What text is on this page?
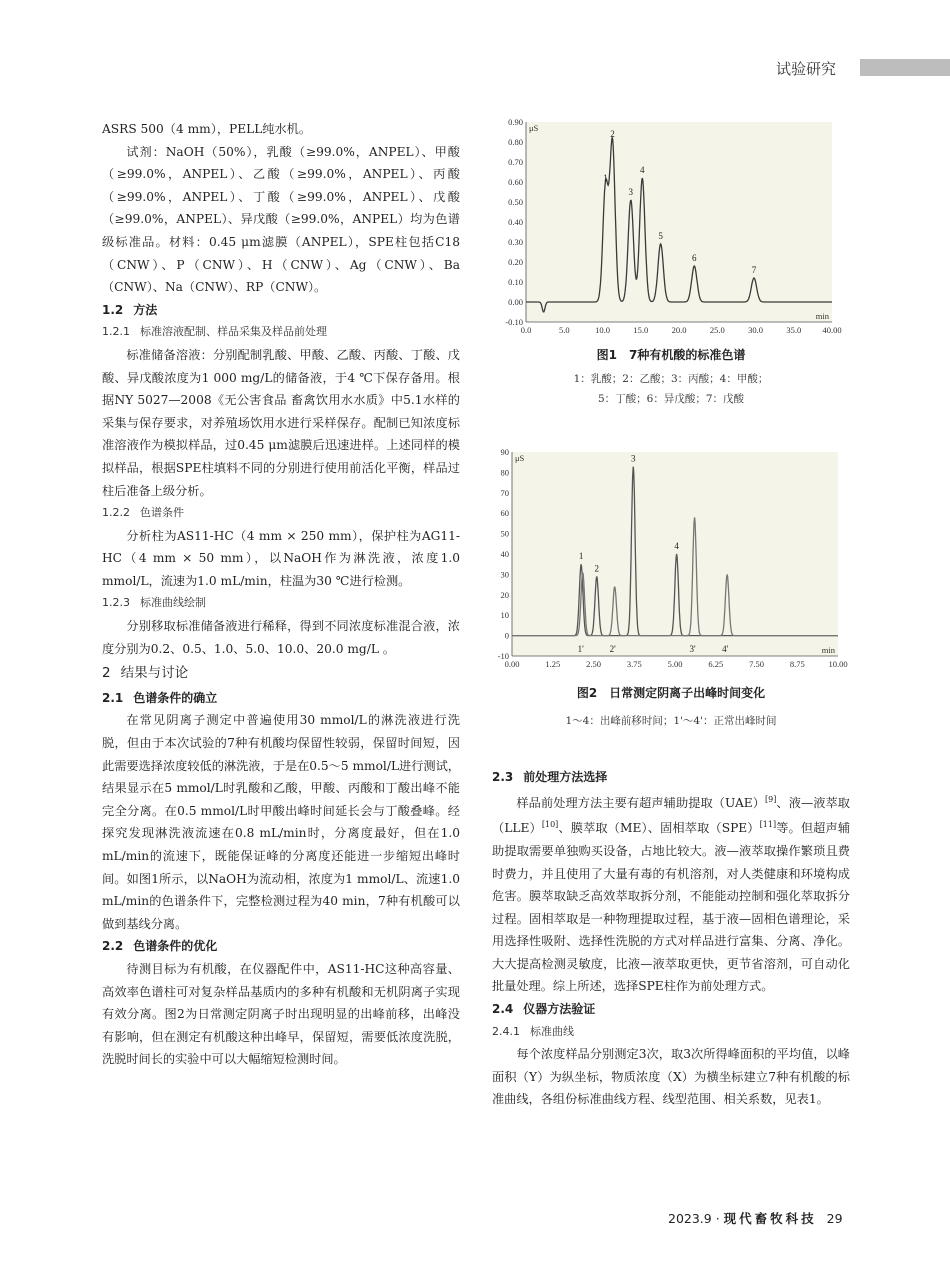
试验研究

ASRS 500（4 mm），PELL纯水机。

试剂：NaOH（50%），乳酸（≥99.0%，ANPEL）、甲酸（≥99.0%，ANPEL）、乙酸（≥99.0%，ANPEL）、丙酸（≥99.0%，ANPEL）、丁酸（≥99.0%，ANPEL）、戊酸（≥99.0%，ANPEL）、异戊酸（≥99.0%，ANPEL）均为色谱级标准品。材料：0.45 μm滤膜（ANPEL），SPE柱包括C18（CNW）、P（CNW）、H（CNW）、Ag（CNW）、Ba（CNW）、Na（CNW）、RP（CNW）。

1.2 方法
1.2.1 标准溶液配制、样品采集及样品前处理

标准储备溶液：分别配制乳酸、甲酸、乙酸、丙酸、丁酸、戊酸、异戊酸浓度为1 000 mg/L的储备液，于4 ℃下保存备用。根据NY 5027—2008《无公害食品 畜禽饮用水水质》中5.1水样的采集与保存要求，对养殖场饮用水进行采样保存。配制已知浓度标准溶液作为模拟样品，过0.45 μm滤膜后迅速进样。上述同样的模拟样品，根据SPE柱填料不同的分别进行使用前活化平衡，样品过柱后准备上级分析。

1.2.2 色谱条件

分析柱为AS11-HC（4 mm × 250 mm），保护柱为AG11-HC（4 mm × 50 mm），以NaOH作为淋洗液，浓度1.0 mmol/L，流速为1.0 mL/min，柱温为30 ℃进行检测。

1.2.3 标准曲线绘制

分别移取标准储备液进行稀释，得到不同浓度标准混合液，浓度分别为0.2、0.5、1.0、5.0、10.0、20.0 mg/L 。

2 结果与讨论
2.1 色谱条件的确立

在常见阴离子测定中普遍使用30 mmol/L的淋洗液进行洗脱，但由于本次试验的7种有机酸均保留性较弱，保留时间短，因此需要选择浓度较低的淋洗液，于是在0.5～5 mmol/L进行测试，结果显示在5 mmol/L时乳酸和乙酸，甲酸、丙酸和丁酸出峰不能完全分离。在0.5 mmol/L时甲酸出峰时间延长会与丁酸叠峰。经探究发现淋洗液流速在0.8 mL/min时，分离度最好，但在1.0 mL/min的流速下，既能保证峰的分离度还能进一步缩短出峰时间。如图1所示，以NaOH为流动相，浓度为1 mmol/L、流速1.0 mL/min的色谱条件下，完整检测过程为40 min，7种有机酸可以做到基线分离。

2.2 色谱条件的优化

待测目标为有机酸，在仪器配件中，AS11-HC这种高容量、高效率色谱柱可对复杂样品基质内的多种有机酸和无机阴离子实现有效分离。图2为日常测定阴离子时出现明显的出峰前移，出峰没有影响，但在测定有机酸这种出峰早，保留短，需要低浓度洗脱，洗脱时间长的实验中可以大幅缩短检测时间。

0.90
0.80
0.70
0.60
0.50
0.40
0.30
0.20
0.10
0.00
-0.10
0.0	5.0	10.0	15.0	20.0	25.0	30.0	35.0	40.00
μS
min
1
2
3
4
5
6
7
图1　7种有机酸的标准色谱
1：乳酸；2：乙酸；3：丙酸；4：甲酸；
5：丁酸；6：异戊酸；7：戊酸
90
80
70
60
50
40
30
20
10
0
-10
0.00	1.25	2.50	3.75	5.00	6.25	7.50	8.75	10.00
μS
min
1
2
3
4
1'	2'	3'	4'
图2　日常测定阴离子出峰时间变化
1～4：出峰前移时间；1'～4'：正常出峰时间
2.3 前处理方法选择

样品前处理方法主要有超声辅助提取（UAE）[9]、液—液萃取（LLE）[10]、膜萃取（ME）、固相萃取（SPE）[11]等。但超声辅助提取需要单独购买设备，占地比较大。液—液萃取操作繁琐且费时费力，并且使用了大量有毒的有机溶剂，对人类健康和环境构成危害。膜萃取缺乏高效萃取拆分剂，不能能动控制和强化萃取拆分过程。固相萃取是一种物理提取过程，基于液—固相色谱理论，采用选择性吸附、选择性洗脱的方式对样品进行富集、分离、净化。大大提高检测灵敏度，比液—液萃取更快，更节省溶剂，可自动化批量处理。综上所述，选择SPE柱作为前处理方式。

2.4 仪器方法验证
2.4.1 标准曲线

每个浓度样品分别测定3次，取3次所得峰面积的平均值，以峰面积（Y）为纵坐标，物质浓度（X）为横坐标建立7种有机酸的标准曲线，各组份标准曲线方程、线型范围、相关系数，见表1。

2023.9 · 现代畜牧科技 29
